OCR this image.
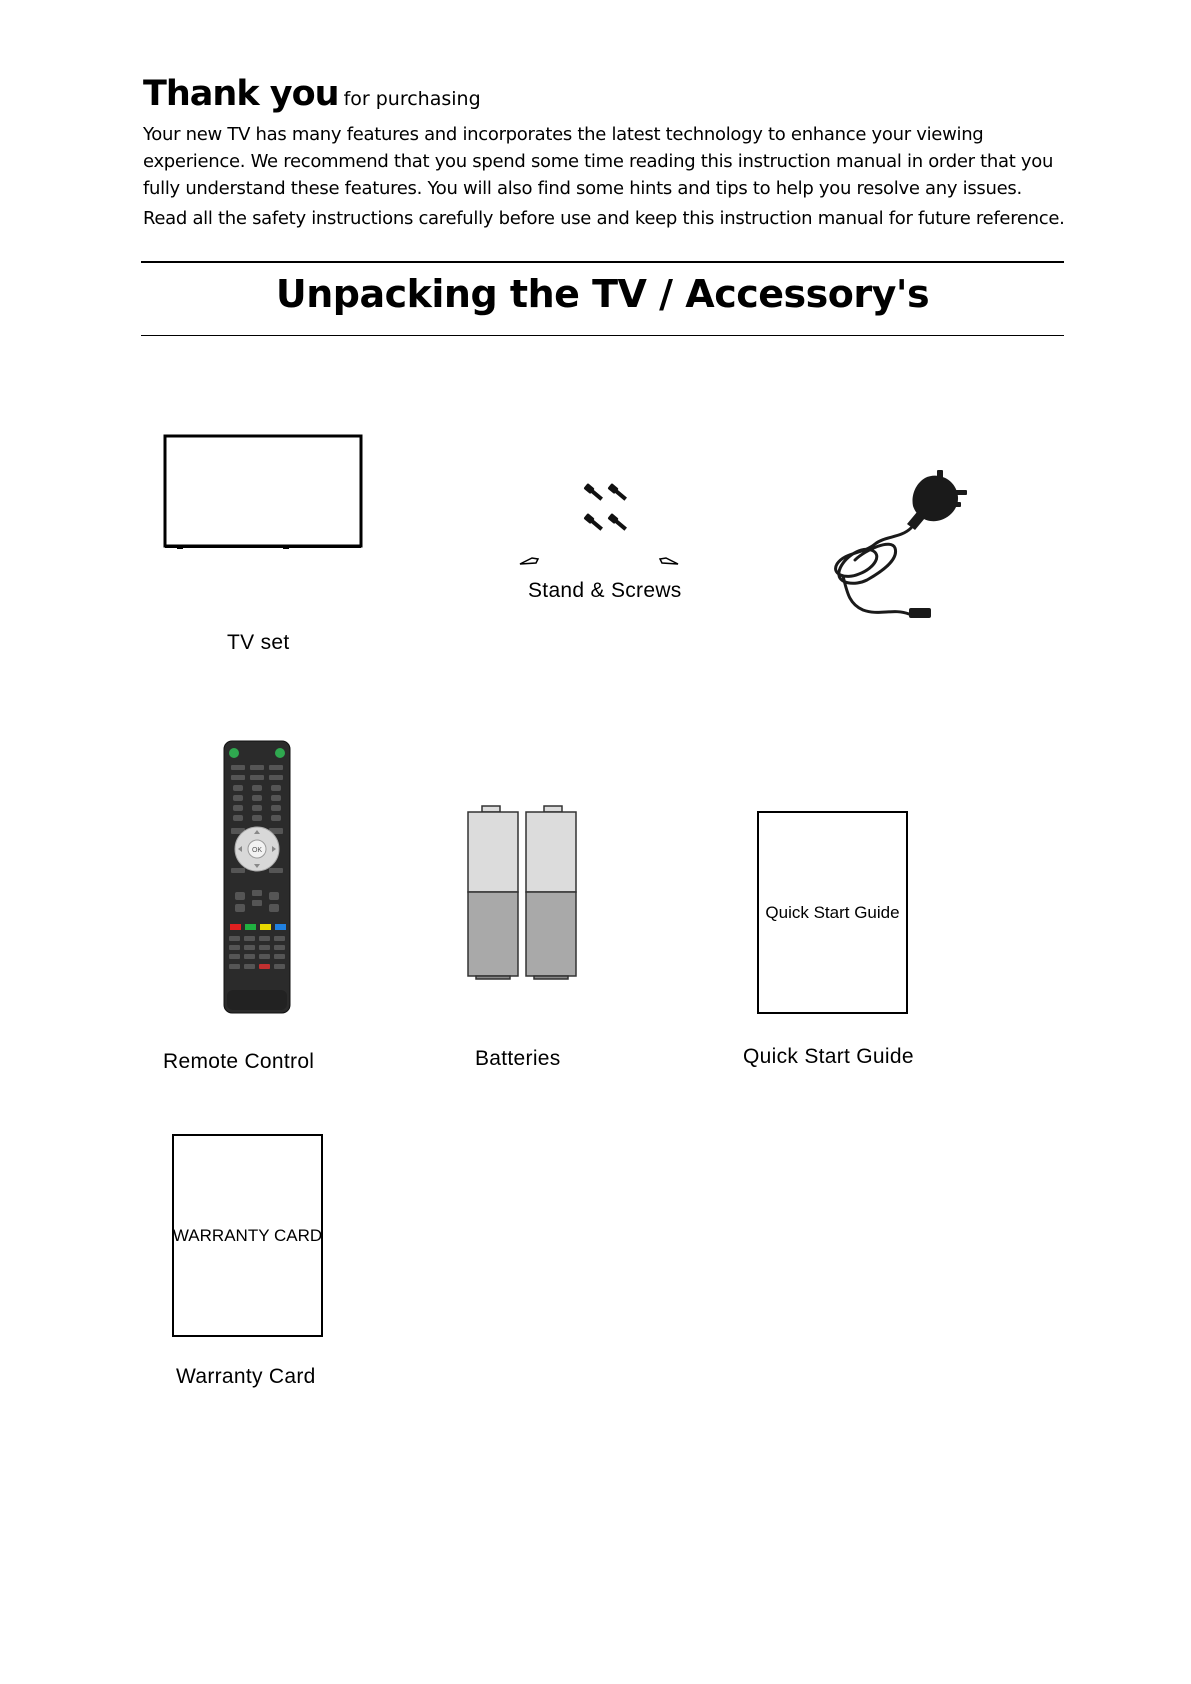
Thank you for purchasing

Your new TV has many features and incorporates the latest technology to enhance your viewing

experience. We recommend that you spend some time reading this instruction manual in order that you

fully understand these features. You will also find some hints and tips to help you resolve any issues.

Read all the safety instructions carefully before use and keep this instruction manual for future reference.

Unpacking the TV / Accessory's
TV set
Stand & Screws
OK
Remote Control	Batteries
Quick Start Guide
Quick Start Guide
WARRANTY CARD
Warranty Card
